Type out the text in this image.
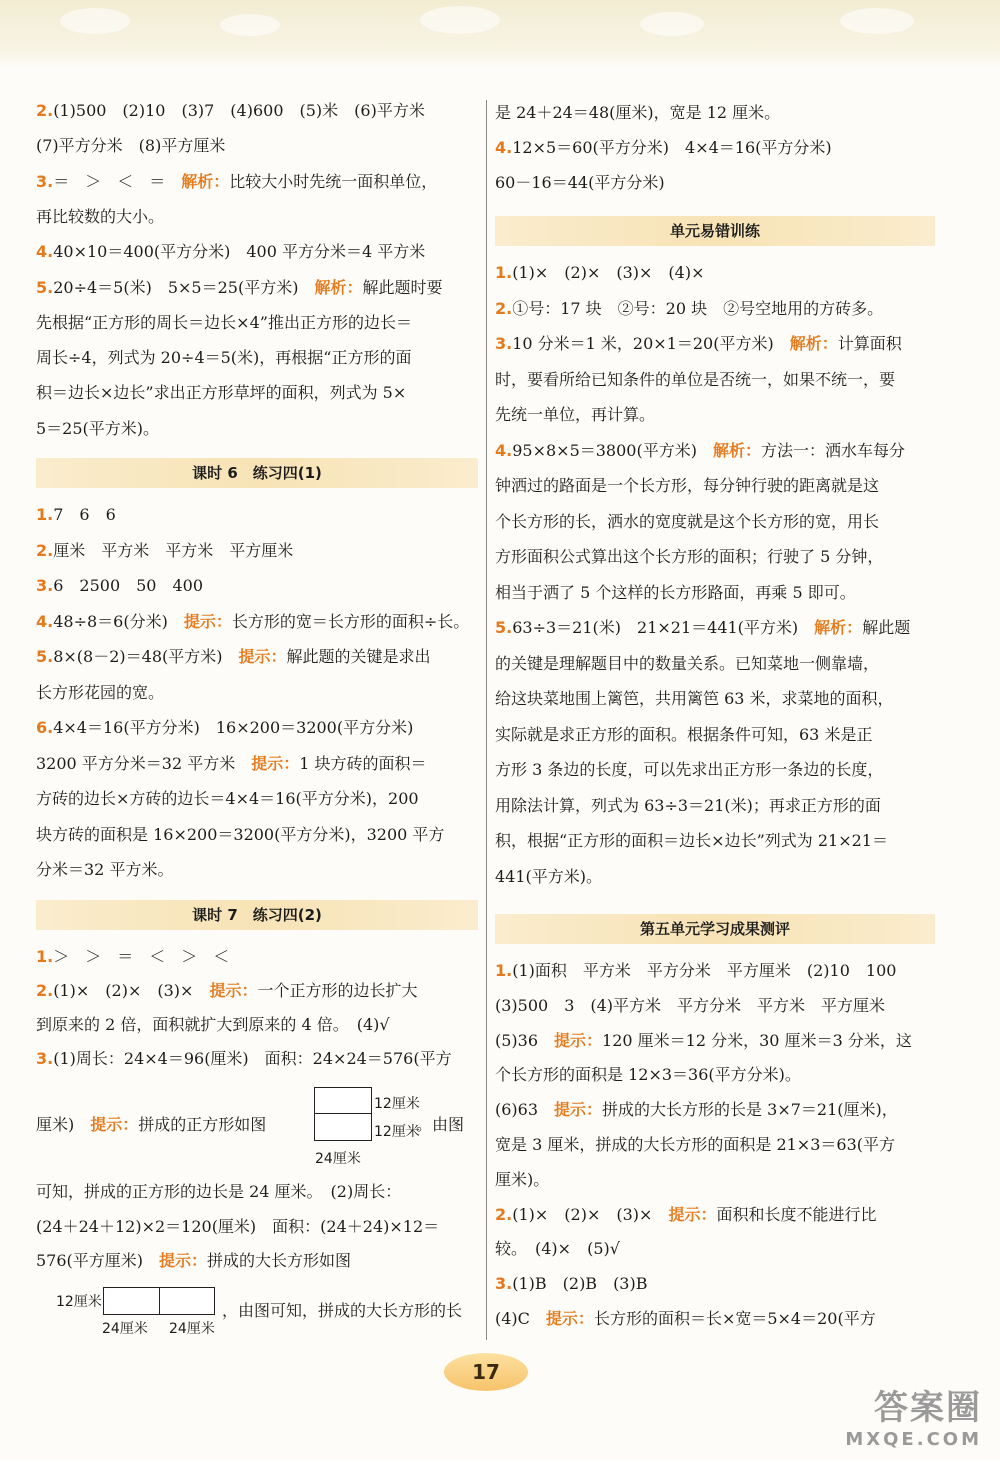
2.(1)500　(2)10　(3)7　(4)600　(5)米　(6)平方米
(7)平方分米　(8)平方厘米
3.＝　＞　＜　＝　解析：比较大小时先统一面积单位，
再比较数的大小。
4.40×10＝400(平方分米)　400 平方分米＝4 平方米
5.20÷4＝5(米)　5×5＝25(平方米)　解析：解此题时要
先根据“正方形的周长＝边长×4”推出正方形的边长＝
周长÷4，列式为 20÷4＝5(米)，再根据“正方形的面
积＝边长×边长”求出正方形草坪的面积，列式为 5×
5＝25(平方米)。
课时 6　练习四(1)
1.7　6　6
2.厘米　平方米　平方米　平方厘米
3.6　2500　50　400
4.48÷8＝6(分米)　提示：长方形的宽＝长方形的面积÷长。
5.8×(8－2)＝48(平方米)　提示：解此题的关键是求出
长方形花园的宽。
6.4×4＝16(平方分米)　16×200＝3200(平方分米)
3200 平方分米＝32 平方米　提示：1 块方砖的面积＝
方砖的边长×方砖的边长＝4×4＝16(平方分米)，200
块方砖的面积是 16×200＝3200(平方分米)，3200 平方
分米＝32 平方米。
课时 7　练习四(2)
1.＞　＞　＝　＜　＞　＜
2.(1)×　(2)×　(3)×　提示：一个正方形的边长扩大
到原来的 2 倍，面积就扩大到原来的 4 倍。　(4)√
3.(1)周长：24×4＝96(厘米)　面积：24×24＝576(平方
厘米)　提示：拼成的正方形如图
12厘米
12厘米
24厘米
。由图
可知，拼成的正方形的边长是 24 厘米。　(2)周长：
(24＋24＋12)×2＝120(厘米)　面积：(24＋24)×12＝
576(平方厘米)　提示：拼成的大长方形如图
12厘米
24厘米 24厘米
，由图可知，拼成的大长方形的长
是 24＋24＝48(厘米)，宽是 12 厘米。
4.12×5＝60(平方分米)　4×4＝16(平方分米)
60－16＝44(平方分米)
单元易错训练
1.(1)×　(2)×　(3)×　(4)×
2.①号：17 块　②号：20 块　②号空地用的方砖多。
3.10 分米＝1 米，20×1＝20(平方米)　解析：计算面积
时，要看所给已知条件的单位是否统一，如果不统一，要
先统一单位，再计算。
4.95×8×5＝3800(平方米)　解析：方法一：洒水车每分
钟洒过的路面是一个长方形，每分钟行驶的距离就是这
个长方形的长，洒水的宽度就是这个长方形的宽，用长
方形面积公式算出这个长方形的面积；行驶了 5 分钟，
相当于洒了 5 个这样的长方形路面，再乘 5 即可。
5.63÷3＝21(米)　21×21＝441(平方米)　解析：解此题
的关键是理解题目中的数量关系。已知菜地一侧靠墙，
给这块菜地围上篱笆，共用篱笆 63 米，求菜地的面积，
实际就是求正方形的面积。根据条件可知，63 米是正
方形 3 条边的长度，可以先求出正方形一条边的长度，
用除法计算，列式为 63÷3＝21(米)；再求正方形的面
积，根据“正方形的面积＝边长×边长”列式为 21×21＝
441(平方米)。
第五单元学习成果测评
1.(1)面积　平方米　平方分米　平方厘米　(2)10　100
(3)500　3　(4)平方米　平方分米　平方米　平方厘米
(5)36　提示：120 厘米＝12 分米，30 厘米＝3 分米，这
个长方形的面积是 12×3＝36(平方分米)。
(6)63　提示：拼成的大长方形的长是 3×7＝21(厘米)，
宽是 3 厘米，拼成的大长方形的面积是 21×3＝63(平方
厘米)。
2.(1)×　(2)×　(3)×　提示：面积和长度不能进行比
较。　(4)×　(5)√
3.(1)B　(2)B　(3)B
(4)C　提示：长方形的面积＝长×宽＝5×4＝20(平方
17
答案圈
MXQE.COM
